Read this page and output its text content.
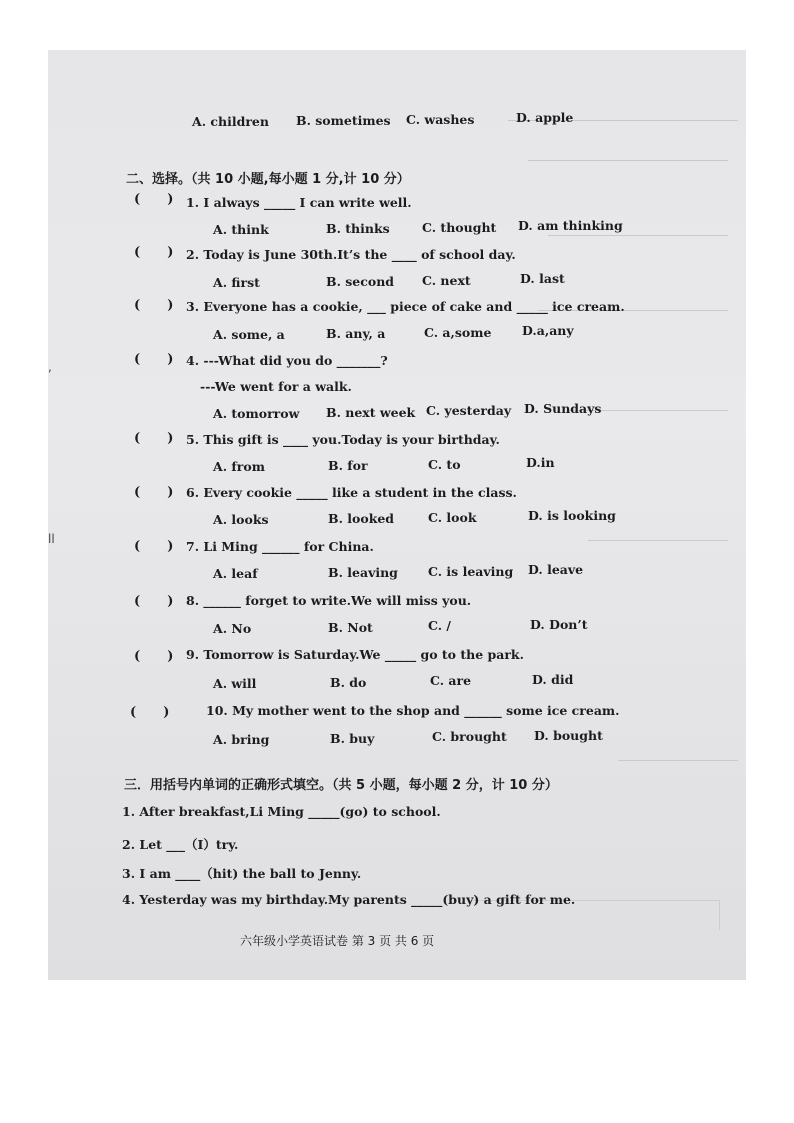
,
ll
A. children B. sometimes C. washes	D. apple
二、选择。（共 10 小题,每小题 1 分,计 10 分）
(      ) 1. I always _____ I can write well.
A. think	B. thinks	C. thought D. am thinking
(      ) 2. Today is June 30th.It’s the ____ of school day.
A. first	B. second C. next	D. last
(      ) 3. Everyone has a cookie, ___ piece of cake and _____ ice cream.
A. some, a	B. any, a	C. a,some D.a,any
(      ) 4. ---What did you do _______?
---We went for a walk.
A. tomorrow B. next week C. yesterday D. Sundays
(      ) 5. This gift is ____ you.Today is your birthday.
A. from	B. for	C. to	D.in
(      ) 6. Every cookie _____ like a student in the class.
A. looks	B. looked	C. look	D. is looking
(      ) 7. Li Ming ______ for China.
A. leaf	B. leaving C. is leaving D. leave
(      ) 8. ______ forget to write.We will miss you.
A. No	B. Not	C. /	D. Don’t
(      ) 9. Tomorrow is Saturday.We _____ go to the park.
A. will	B. do	C. are	D. did
(      )	10. My mother went to the shop and ______ some ice cream.
A. bring	B. buy	C. brought D. bought
三．用括号内单词的正确形式填空。（共 5 小题，每小题 2 分，计 10 分）
1. After breakfast,Li Ming _____(go) to school.
2. Let ___（I）try.
3. I am ____（hit) the ball to Jenny.
4. Yesterday was my birthday.My parents _____(buy) a gift for me.
六年级小学英语试卷 第 3 页 共 6 页
